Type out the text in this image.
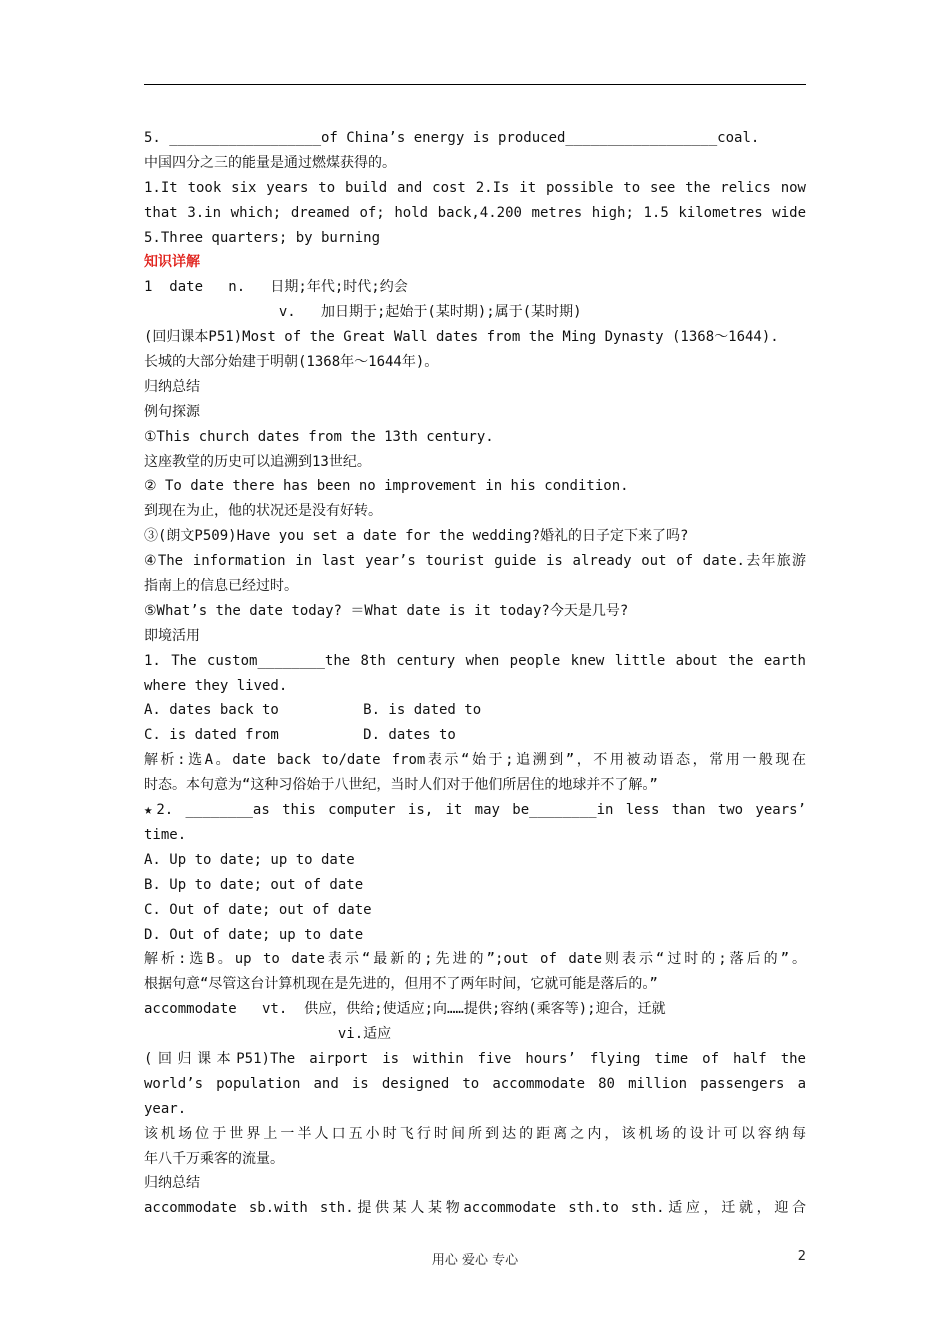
5. __________________of China’s energy is produced__________________coal.
中国四分之三的能量是通过燃煤获得的。
1.It took six years to build and cost 2.Is it possible to see the relics now
that 3.in which; dreamed of; hold back,4.200 metres high; 1.5 kilometres wide
5.Three quarters; by burning
知识详解
1  date   n.   日期;年代;时代;约会
v.   加日期于;起始于(某时期);属于(某时期)
(回归课本P51)Most of the Great Wall dates from the Ming Dynasty (1368～1644).
长城的大部分始建于明朝(1368年～1644年)。
归纳总结
例句探源
①This church dates from the 13th century.
这座教堂的历史可以追溯到13世纪。
② To date there has been no improvement in his condition.
到现在为止，他的状况还是没有好转。
③(朗文P509)Have you set a date for the wedding?婚礼的日子定下来了吗?
④The information in last year’s tourist guide is already out of date.去年旅游
指南上的信息已经过时。
⑤What’s the date today? ＝What date is it today?今天是几号?
即境活用
1. The custom________the 8th century when people knew little about the earth
where they lived.
A. dates back to          B. is dated to
C. is dated from          D. dates to
解析:选A。date back to/date from表示“始于;追溯到”，不用被动语态，常用一般现在
时态。本句意为“这种习俗始于八世纪，当时人们对于他们所居住的地球并不了解。”
★2. ________as this computer is, it may be________in less than two years’
time.
A. Up to date; up to date
B. Up to date; out of date
C. Out of date; out of date
D. Out of date; up to date
解析:选B。up to date表示“最新的;先进的”;out of date则表示“过时的;落后的”。
根据句意“尽管这台计算机现在是先进的，但用不了两年时间，它就可能是落后的。”
accommodate   vt.  供应，供给;使适应;向……提供;容纳(乘客等);迎合，迁就
vi.适应
(回归课本P51)The airport is within five hours’ flying time of half the
world’s population and is designed to accommodate 80 million passengers a
year.
该机场位于世界上一半人口五小时飞行时间所到达的距离之内，该机场的设计可以容纳每
年八千万乘客的流量。
归纳总结
accommodate sb.with sth.提供某人某物accommodate sth.to sth.适应，迁就，迎合
用心 爱心 专心	2
